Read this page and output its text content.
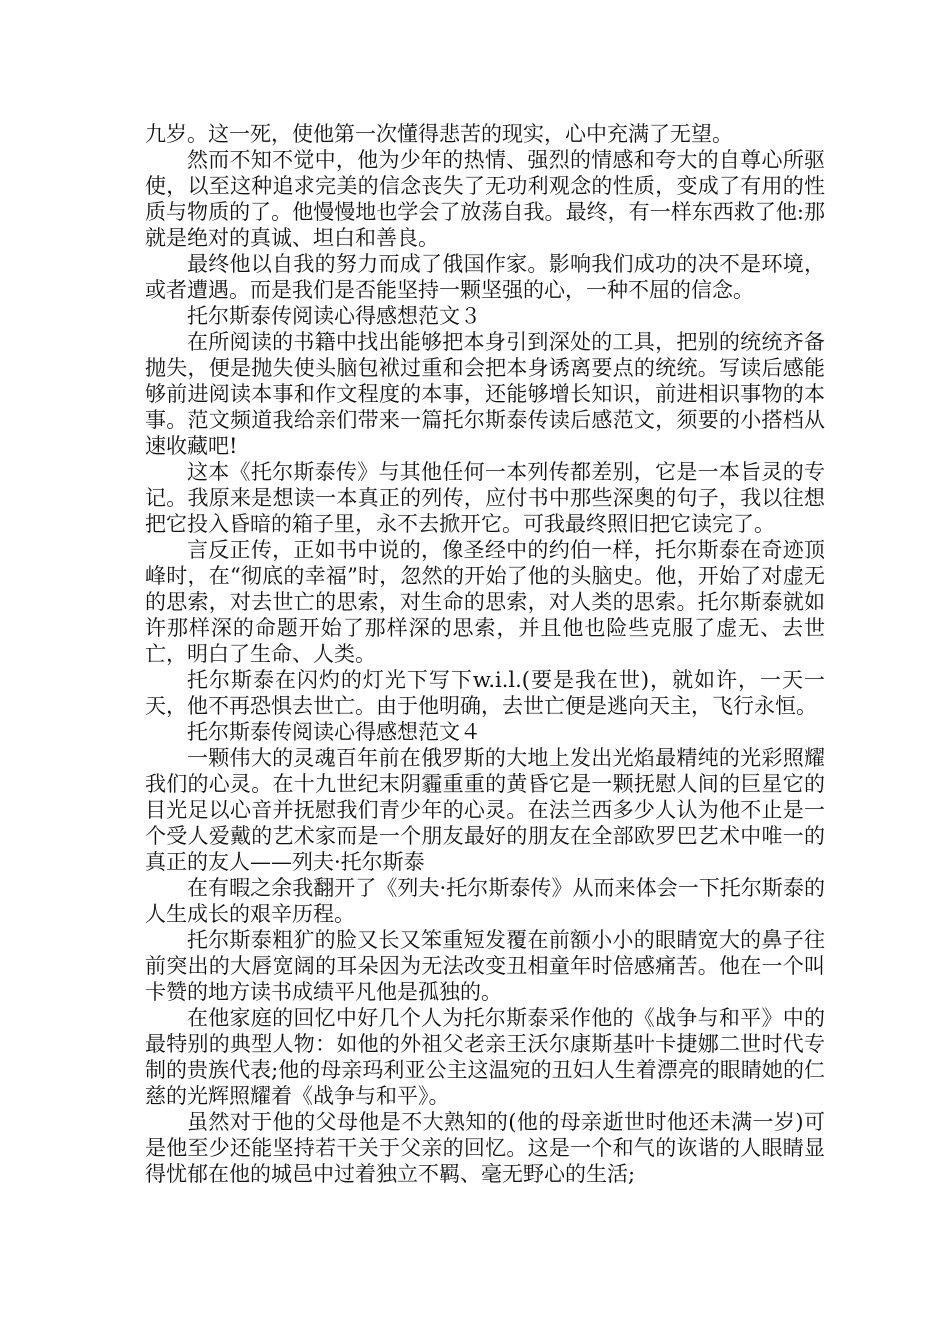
九岁。这一死，使他第一次懂得悲苦的现实，心中充满了无望。

然而不知不觉中，他为少年的热情、强烈的情感和夸大的自尊心所驱使，以至这种追求完美的信念丧失了无功利观念的性质，变成了有用的性质与物质的了。他慢慢地也学会了放荡自我。最终，有一样东西救了他:那就是绝对的真诚、坦白和善良。

最终他以自我的努力而成了俄国作家。影响我们成功的决不是环境，或者遭遇。而是我们是否能坚持一颗坚强的心，一种不屈的信念。

托尔斯泰传阅读心得感想范文３

在所阅读的书籍中找出能够把本身引到深处的工具，把别的统统齐备抛失，便是抛失使头脑包袱过重和会把本身诱离要点的统统。写读后感能够前进阅读本事和作文程度的本事，还能够增长知识，前进相识事物的本事。范文频道我给亲们带来一篇托尔斯泰传读后感范文，须要的小搭档从速收藏吧!

这本《托尔斯泰传》与其他任何一本列传都差别，它是一本旨灵的专记。我原来是想读一本真正的列传，应付书中那些深奥的句子，我以往想把它投入昏暗的箱子里，永不去掀开它。可我最终照旧把它读完了。

言反正传，正如书中说的，像圣经中的约伯一样，托尔斯泰在奇迹顶峰时，在“彻底的幸福”时，忽然的开始了他的头脑史。他，开始了对虚无的思索，对去世亡的思索，对生命的思索，对人类的思索。托尔斯泰就如许那样深的命题开始了那样深的思索，并且他也险些克服了虚无、去世亡，明白了生命、人类。

托尔斯泰在闪灼的灯光下写下w.i.l.(要是我在世)，就如许，一天一天，他不再恐惧去世亡。由于他明确，去世亡便是逃向天主，飞行永恒。

托尔斯泰传阅读心得感想范文４

一颗伟大的灵魂百年前在俄罗斯的大地上发出光焰最精纯的光彩照耀我们的心灵。在十九世纪末阴霾重重的黄昏它是一颗抚慰人间的巨星它的目光足以心音并抚慰我们青少年的心灵。在法兰西多少人认为他不止是一个受人爱戴的艺术家而是一个朋友最好的朋友在全部欧罗巴艺术中唯一的真正的友人——列夫·托尔斯泰

在有暇之余我翻开了《列夫·托尔斯泰传》从而来体会一下托尔斯泰的人生成长的艰辛历程。

托尔斯泰粗犷的脸又长又笨重短发覆在前额小小的眼睛宽大的鼻子往前突出的大唇宽阔的耳朵因为无法改变丑相童年时倍感痛苦。他在一个叫卡赞的地方读书成绩平凡他是孤独的。

在他家庭的回忆中好几个人为托尔斯泰采作他的《战争与和平》中的最特别的典型人物：如他的外祖父老亲王沃尔康斯基叶卡捷娜二世时代专制的贵族代表;他的母亲玛利亚公主这温宛的丑妇人生着漂亮的眼睛她的仁慈的光辉照耀着《战争与和平》。

虽然对于他的父母他是不大熟知的(他的母亲逝世时他还未满一岁)可是他至少还能坚持若干关于父亲的回忆。这是一个和气的诙谐的人眼睛显得忧郁在他的城邑中过着独立不羁、毫无野心的生活;
